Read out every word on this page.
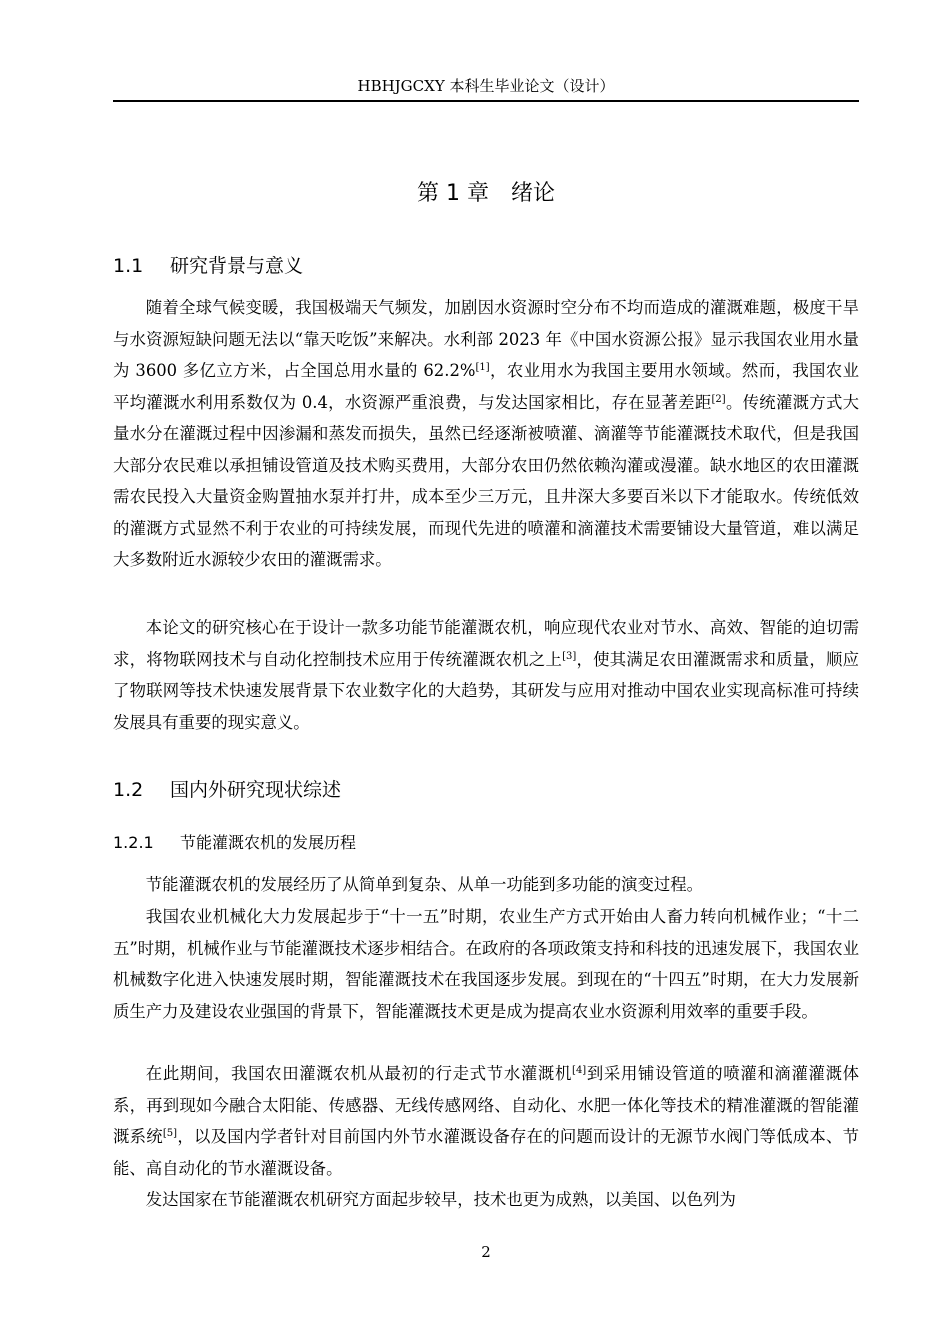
HBHJGCXY 本科生毕业论文（设计）
第 1 章 绪论
1.1 研究背景与意义

随着全球气候变暖，我国极端天气频发，加剧因水资源时空分布不均而造成的灌溉难题，极度干旱与水资源短缺问题无法以“靠天吃饭”来解决。水利部 2023 年《中国水资源公报》显示我国农业用水量为 3600 多亿立方米，占全国总用水量的 62.2%[1]，农业用水为我国主要用水领域。然而，我国农业平均灌溉水利用系数仅为 0.4，水资源严重浪费，与发达国家相比，存在显著差距[2]。传统灌溉方式大量水分在灌溉过程中因渗漏和蒸发而损失，虽然已经逐渐被喷灌、滴灌等节能灌溉技术取代，但是我国大部分农民难以承担铺设管道及技术购买费用，大部分农田仍然依赖沟灌或漫灌。缺水地区的农田灌溉需农民投入大量资金购置抽水泵并打井，成本至少三万元，且井深大多要百米以下才能取水。传统低效的灌溉方式显然不利于农业的可持续发展，而现代先进的喷灌和滴灌技术需要铺设大量管道，难以满足大多数附近水源较少农田的灌溉需求。

本论文的研究核心在于设计一款多功能节能灌溉农机，响应现代农业对节水、高效、智能的迫切需求，将物联网技术与自动化控制技术应用于传统灌溉农机之上[3]，使其满足农田灌溉需求和质量，顺应了物联网等技术快速发展背景下农业数字化的大趋势，其研发与应用对推动中国农业实现高标准可持续发展具有重要的现实意义。

1.2 国内外研究现状综述
1.2.1 节能灌溉农机的发展历程

节能灌溉农机的发展经历了从简单到复杂、从单一功能到多功能的演变过程。

我国农业机械化大力发展起步于“十一五”时期，农业生产方式开始由人畜力转向机械作业；“十二五”时期，机械作业与节能灌溉技术逐步相结合。在政府的各项政策支持和科技的迅速发展下，我国农业机械数字化进入快速发展时期，智能灌溉技术在我国逐步发展。到现在的“十四五”时期，在大力发展新质生产力及建设农业强国的背景下，智能灌溉技术更是成为提高农业水资源利用效率的重要手段。

在此期间，我国农田灌溉农机从最初的行走式节水灌溉机[4]到采用铺设管道的喷灌和滴灌灌溉体系，再到现如今融合太阳能、传感器、无线传感网络、自动化、水肥一体化等技术的精准灌溉的智能灌溉系统[5]，以及国内学者针对目前国内外节水灌溉设备存在的问题而设计的无源节水阀门等低成本、节能、高自动化的节水灌溉设备。

发达国家在节能灌溉农机研究方面起步较早，技术也更为成熟，以美国、以色列为

2
